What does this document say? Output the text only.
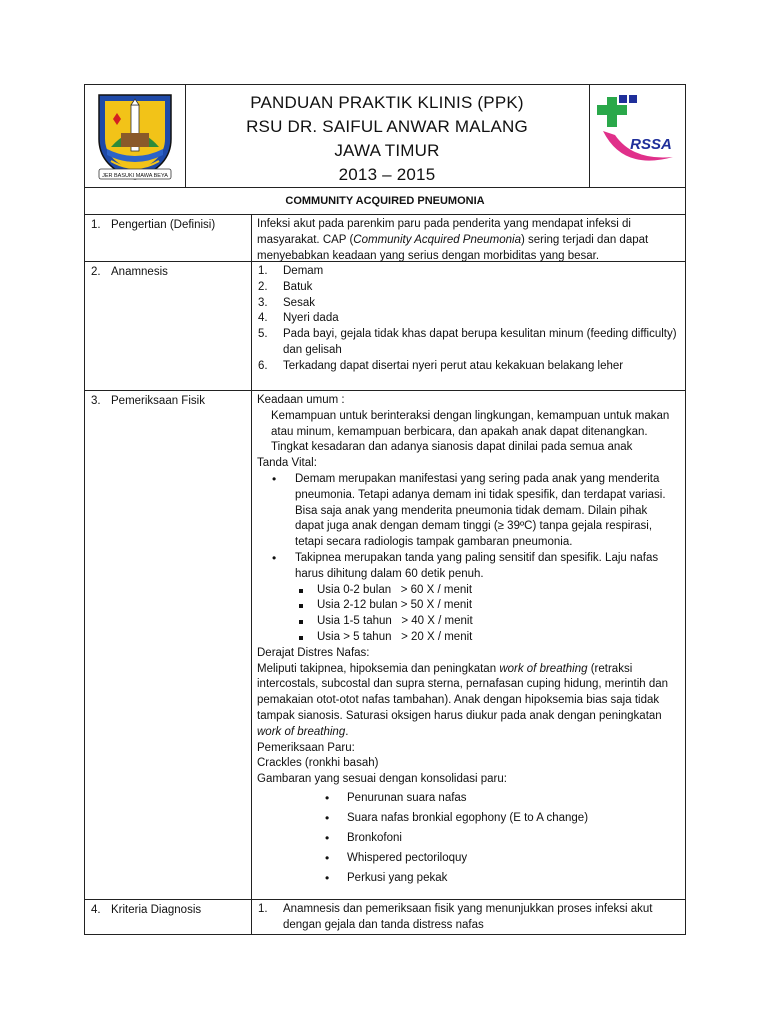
JER BASUKI MAWA BEYA
PANDUAN PRAKTIK KLINIS (PPK)
RSU DR. SAIFUL ANWAR MALANG
JAWA TIMUR
2013 – 2015
RSSA
COMMUNITY ACQUIRED PNEUMONIA
1. Pengertian (Definisi)	Infeksi akut pada parenkim paru pada penderita yang mendapat infeksi di masyarakat. CAP (Community Acquired Pneumonia) sering terjadi dan dapat menyebabkan keadaan yang serius dengan morbiditas yang besar.
2. Anamnesis	1. Demam
2. Batuk
3. Sesak
4. Nyeri dada
5. Pada bayi, gejala tidak khas dapat berupa kesulitan minum (feeding difficulty) dan gelisah
6. Terkadang dapat disertai nyeri perut atau kekakuan belakang leher
3. Pemeriksaan Fisik	Keadaan umum :
Kemampuan untuk berinteraksi dengan lingkungan, kemampuan untuk makan atau minum, kemampuan berbicara, dan apakah anak dapat ditenangkan.
Tingkat kesadaran dan adanya sianosis dapat dinilai pada semua anak
Tanda Vital:
• Demam merupakan manifestasi yang sering pada anak yang menderita pneumonia. Tetapi adanya demam ini tidak spesifik, dan terdapat variasi. Bisa saja anak yang menderita pneumonia tidak demam. Dilain pihak dapat juga anak dengan demam tinggi (≥ 39ºC) tanpa gejala respirasi, tetapi secara radiologis tampak gambaran pneumonia.
• Takipnea merupakan tanda yang paling sensitif dan spesifik. Laju nafas harus dihitung dalam 60 detik penuh.
Usia 0-2 bulan   > 60 X / menit
Usia 2-12 bulan > 50 X / menit
Usia 1-5 tahun   > 40 X / menit
Usia > 5 tahun   > 20 X / menit
Derajat Distres Nafas:
Meliputi takipnea, hipoksemia dan peningkatan work of breathing (retraksi intercostals, subcostal dan supra sterna, pernafasan cuping hidung, merintih dan pemakaian otot-otot nafas tambahan). Anak dengan hipoksemia bias saja tidak tampak sianosis. Saturasi oksigen harus diukur pada anak dengan peningkatan work of breathing.
Pemeriksaan Paru:
Crackles (ronkhi basah)
Gambaran yang sesuai dengan konsolidasi paru:
• Penurunan suara nafas
• Suara nafas bronkial egophony (E to A change)
• Bronkofoni
• Whispered pectoriloquy
• Perkusi yang pekak
4. Kriteria Diagnosis	1. Anamnesis dan pemeriksaan fisik yang menunjukkan proses infeksi akut dengan gejala dan tanda distress nafas
